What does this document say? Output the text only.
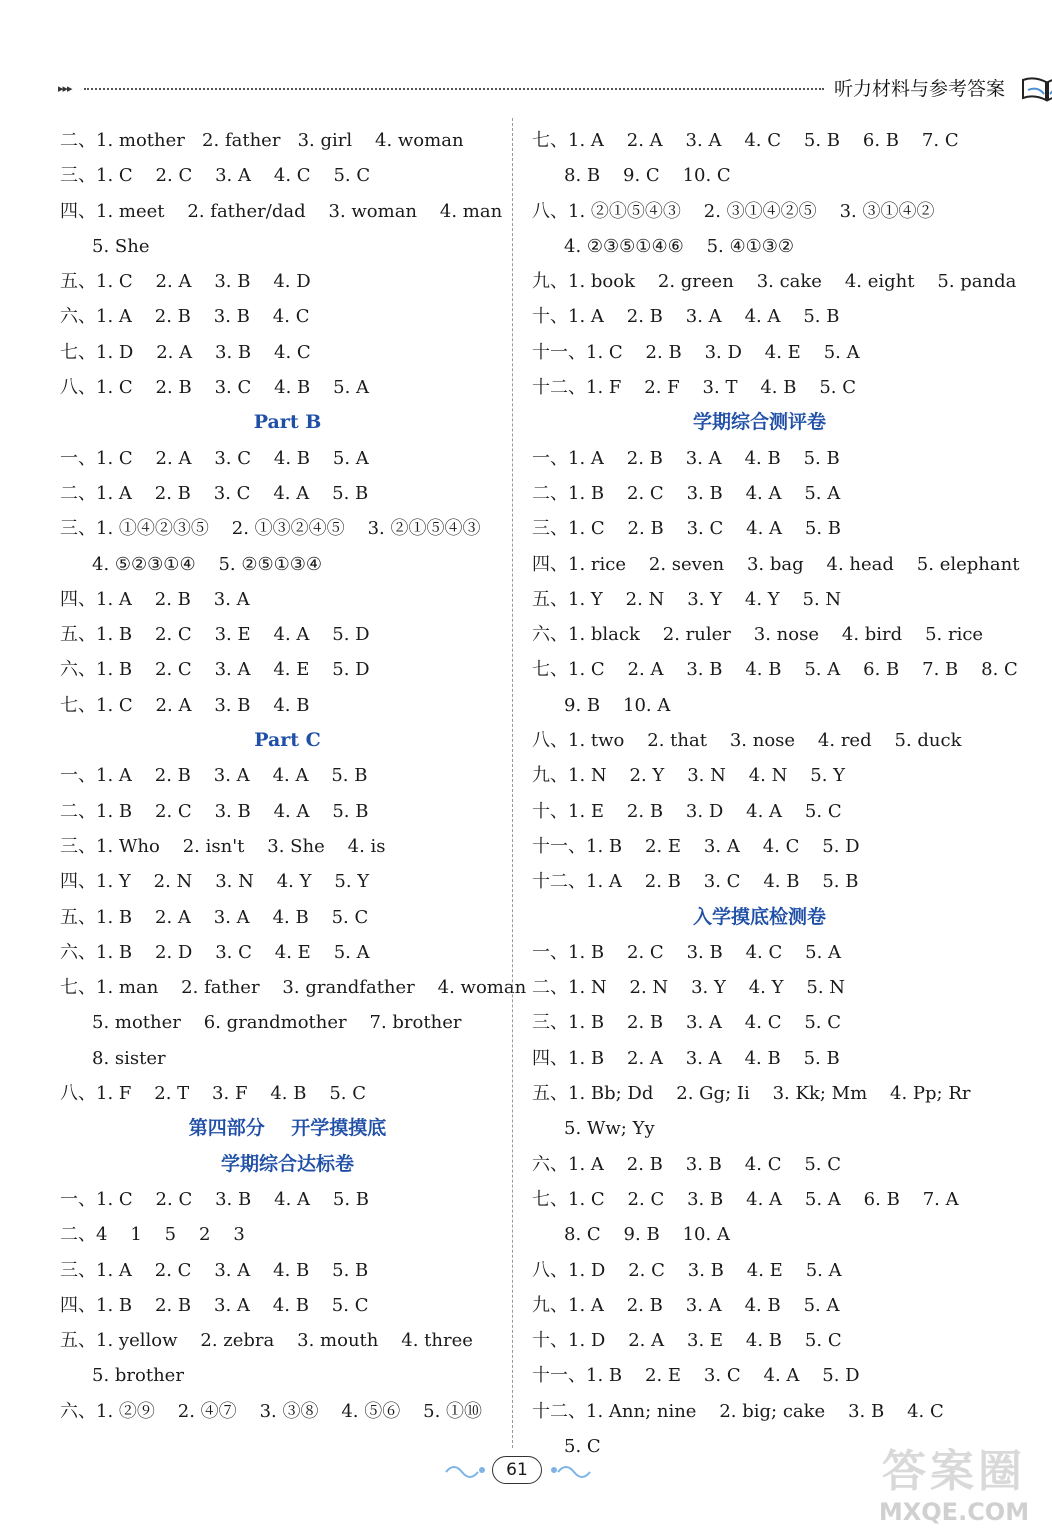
▸▸▸	听力材料与参考答案
二、1. mother   2. father   3. girl    4. woman
三、1. C    2. C    3. A    4. C    5. C
四、1. meet    2. father/dad    3. woman    4. man
5. She
五、1. C    2. A    3. B    4. D
六、1. A    2. B    3. B    4. C
七、1. D    2. A    3. B    4. C
八、1. C    2. B    3. C    4. B    5. A
Part B
一、1. C    2. A    3. C    4. B    5. A
二、1. A    2. B    3. C    4. A    5. B
三、1. ①④②③⑤    2. ①③②④⑤    3. ②①⑤④③
4. ⑤②③①④    5. ②⑤①③④
四、1. A    2. B    3. A
五、1. B    2. C    3. E    4. A    5. D
六、1. B    2. C    3. A    4. E    5. D
七、1. C    2. A    3. B    4. B
Part C
一、1. A    2. B    3. A    4. A    5. B
二、1. B    2. C    3. B    4. A    5. B
三、1. Who    2. isn't    3. She    4. is
四、1. Y    2. N    3. N    4. Y    5. Y
五、1. B    2. A    3. A    4. B    5. C
六、1. B    2. D    3. C    4. E    5. A
七、1. man    2. father    3. grandfather    4. woman
5. mother    6. grandmother    7. brother
8. sister
八、1. F    2. T    3. F    4. B    5. C
第四部分    开学摸摸底
学期综合达标卷
一、1. C    2. C    3. B    4. A    5. B
二、4    1    5    2    3
三、1. A    2. C    3. A    4. B    5. B
四、1. B    2. B    3. A    4. B    5. C
五、1. yellow    2. zebra    3. mouth    4. three
5. brother
六、1. ②⑨    2. ④⑦    3. ③⑧    4. ⑤⑥    5. ①⑩
七、1. A    2. A    3. A    4. C    5. B    6. B    7. C
8. B    9. C    10. C
八、1. ②①⑤④③    2. ③①④②⑤    3. ③①④②
4. ②③⑤①④⑥    5. ④①③②
九、1. book    2. green    3. cake    4. eight    5. panda
十、1. A    2. B    3. A    4. A    5. B
十一、1. C    2. B    3. D    4. E    5. A
十二、1. F    2. F    3. T    4. B    5. C
学期综合测评卷
一、1. A    2. B    3. A    4. B    5. B
二、1. B    2. C    3. B    4. A    5. A
三、1. C    2. B    3. C    4. A    5. B
四、1. rice    2. seven    3. bag    4. head    5. elephant
五、1. Y    2. N    3. Y    4. Y    5. N
六、1. black    2. ruler    3. nose    4. bird    5. rice
七、1. C    2. A    3. B    4. B    5. A    6. B    7. B    8. C
9. B    10. A
八、1. two    2. that    3. nose    4. red    5. duck
九、1. N    2. Y    3. N    4. N    5. Y
十、1. E    2. B    3. D    4. A    5. C
十一、1. B    2. E    3. A    4. C    5. D
十二、1. A    2. B    3. C    4. B    5. B
入学摸底检测卷
一、1. B    2. C    3. B    4. C    5. A
二、1. N    2. N    3. Y    4. Y    5. N
三、1. B    2. B    3. A    4. C    5. C
四、1. B    2. A    3. A    4. B    5. B
五、1. Bb; Dd    2. Gg; Ii    3. Kk; Mm    4. Pp; Rr
5. Ww; Yy
六、1. A    2. B    3. B    4. C    5. C
七、1. C    2. C    3. B    4. A    5. A    6. B    7. A
8. C    9. B    10. A
八、1. D    2. C    3. B    4. E    5. A
九、1. A    2. B    3. A    4. B    5. A
十、1. D    2. A    3. E    4. B    5. C
十一、1. B    2. E    3. C    4. A    5. D
十二、1. Ann; nine    2. big; cake    3. B    4. C
5. C
61	答案圈
MXQE.COM
